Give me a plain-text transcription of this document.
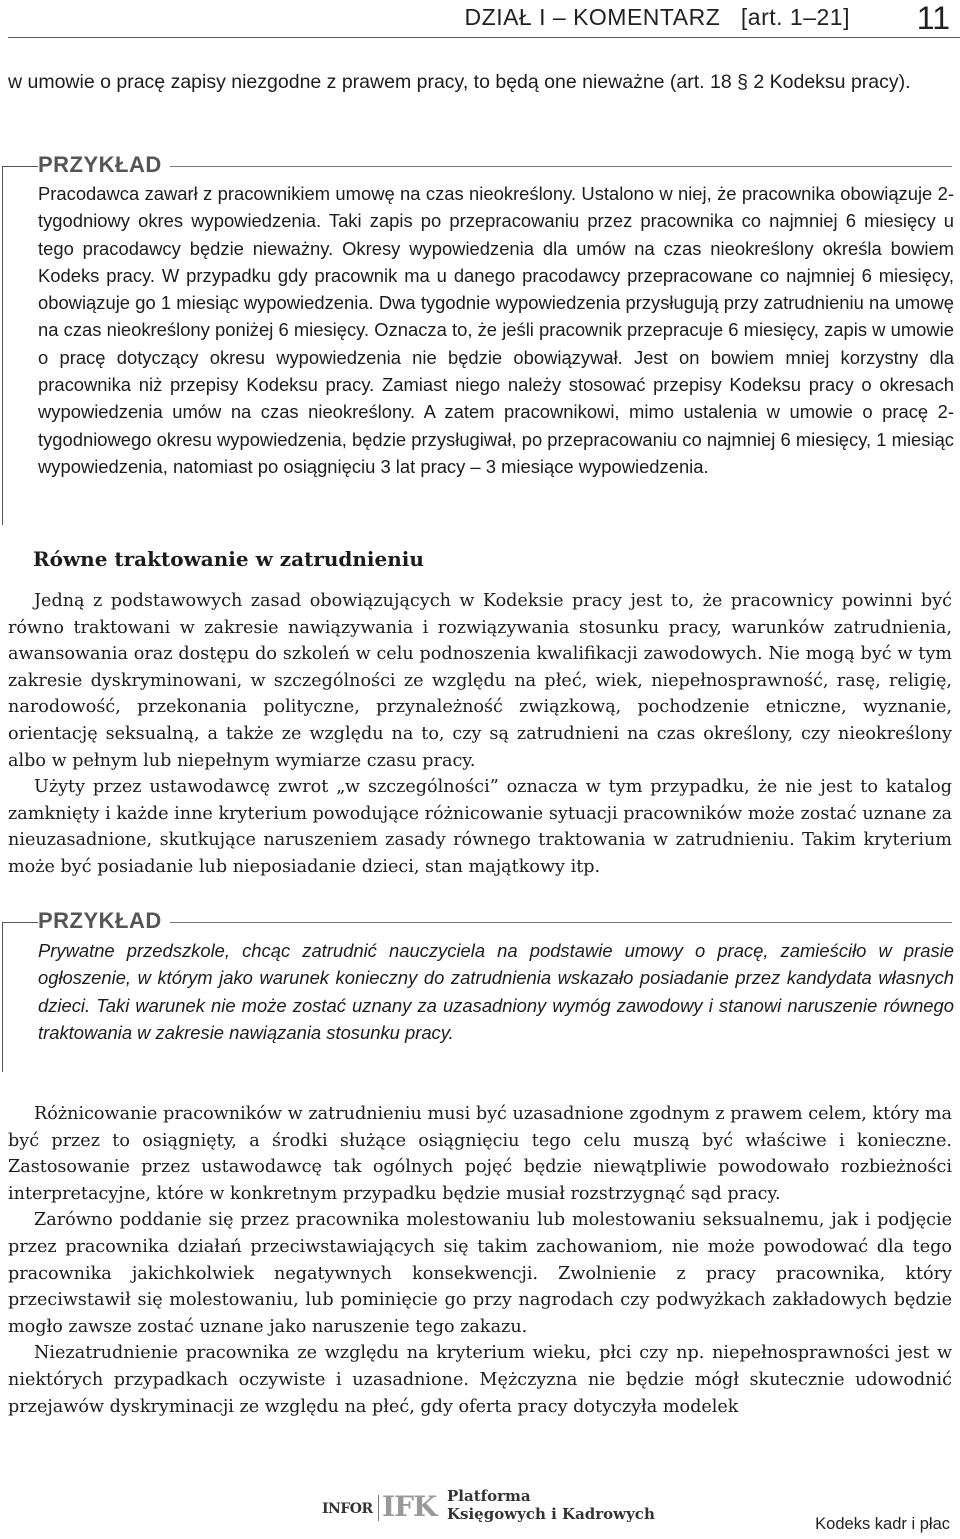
DZIAŁ I – KOMENTARZ [art. 1–21] 11
w umowie o pracę zapisy niezgodne z prawem pracy, to będą one nieważne (art. 18 § 2 Kodeksu pracy).
PRZYKŁAD

Pracodawca zawarł z pracownikiem umowę na czas nieokreślony. Ustalono w niej, że pracownika obowiązuje 2-tygodniowy okres wypowiedzenia. Taki zapis po przepracowaniu przez pracownika co najmniej 6 miesięcy u tego pracodawcy będzie nieważny. Okresy wypowiedzenia dla umów na czas nieokreślony określa bowiem Kodeks pracy. W przypadku gdy pracownik ma u danego pracodawcy przepracowane co najmniej 6 miesięcy, obowiązuje go 1 miesiąc wypowiedzenia. Dwa tygodnie wypowiedzenia przysługują przy zatrudnieniu na umowę na czas nieokreślony poniżej 6 miesięcy. Oznacza to, że jeśli pracownik przepracuje 6 miesięcy, zapis w umowie o pracę dotyczący okresu wypowiedzenia nie będzie obowiązywał. Jest on bowiem mniej korzystny dla pracownika niż przepisy Kodeksu pracy. Zamiast niego należy stosować przepisy Kodeksu pracy o okresach wypowiedzenia umów na czas nieokreślony. A zatem pracownikowi, mimo ustalenia w umowie o pracę 2-tygodniowego okresu wypowiedzenia, będzie przysługiwał, po przepracowaniu co najmniej 6 miesięcy, 1 miesiąc wypowiedzenia, natomiast po osiągnięciu 3 lat pracy – 3 miesiące wypowiedzenia.

Równe traktowanie w zatrudnieniu

Jedną z podstawowych zasad obowiązujących w Kodeksie pracy jest to, że pracownicy powinni być równo traktowani w zakresie nawiązywania i rozwiązywania stosunku pracy, warunków zatrudnienia, awansowania oraz dostępu do szkoleń w celu podnoszenia kwalifikacji zawodowych. Nie mogą być w tym zakresie dyskryminowani, w szczególności ze względu na płeć, wiek, niepełnosprawność, rasę, religię, narodowość, przekonania polityczne, przynależność związkową, pochodzenie etniczne, wyznanie, orientację seksualną, a także ze względu na to, czy są zatrudnieni na czas określony, czy nieokreślony albo w pełnym lub niepełnym wymiarze czasu pracy.

Użyty przez ustawodawcę zwrot „w szczególności” oznacza w tym przypadku, że nie jest to katalog zamknięty i każde inne kryterium powodujące różnicowanie sytuacji pracowników może zostać uznane za nieuzasadnione, skutkujące naruszeniem zasady równego traktowania w zatrudnieniu. Takim kryterium może być posiadanie lub nieposiadanie dzieci, stan majątkowy itp.

PRZYKŁAD

Prywatne przedszkole, chcąc zatrudnić nauczyciela na podstawie umowy o pracę, zamieściło w prasie ogłoszenie, w którym jako warunek konieczny do zatrudnienia wskazało posiadanie przez kandydata własnych dzieci. Taki warunek nie może zostać uznany za uzasadniony wymóg zawodowy i stanowi naruszenie równego traktowania w zakresie nawiązania stosunku pracy.

Różnicowanie pracowników w zatrudnieniu musi być uzasadnione zgodnym z prawem celem, który ma być przez to osiągnięty, a środki służące osiągnięciu tego celu muszą być właściwe i konieczne. Zastosowanie przez ustawodawcę tak ogólnych pojęć będzie niewątpliwie powodowało rozbieżności interpretacyjne, które w konkretnym przypadku będzie musiał rozstrzygnąć sąd pracy.

Zarówno poddanie się przez pracownika molestowaniu lub molestowaniu seksualnemu, jak i podjęcie przez pracownika działań przeciwstawiających się takim zachowaniom, nie może powodować dla tego pracownika jakichkolwiek negatywnych konsekwencji. Zwolnienie z pracy pracownika, który przeciwstawił się molestowaniu, lub pominięcie go przy nagrodach czy podwyżkach zakładowych będzie mogło zawsze zostać uznane jako naruszenie tego zakazu.

Niezatrudnienie pracownika ze względu na kryterium wieku, płci czy np. niepełnosprawności jest w niektórych przypadkach oczywiste i uzasadnione. Mężczyzna nie będzie mógł skutecznie udowodnić przejawów dyskryminacji ze względu na płeć, gdy oferta pracy dotyczyła modelek

INFOR IFK Platforma
Księgowych i Kadrowych
Kodeks kadr i płac
